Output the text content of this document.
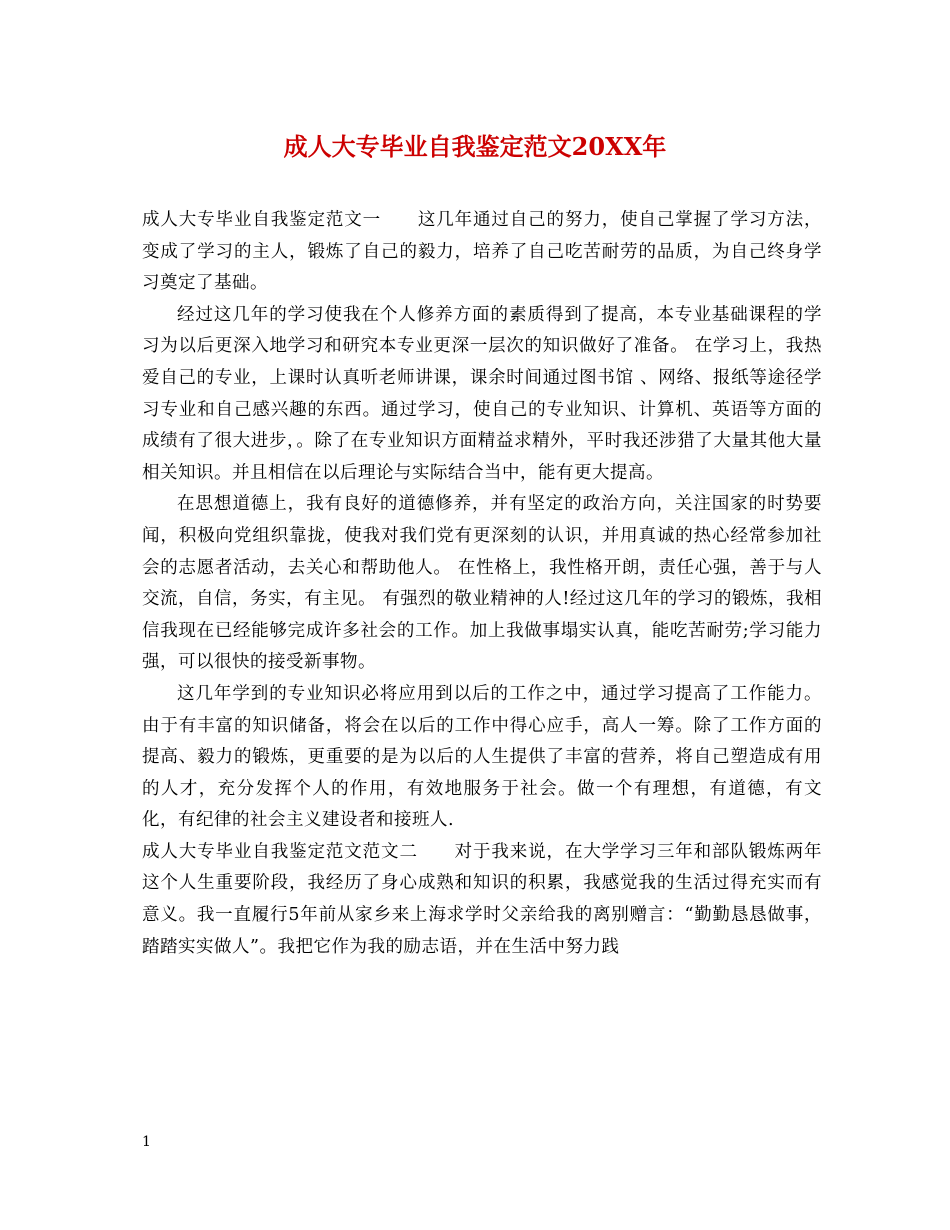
成人大专毕业自我鉴定范文20XX年

成人大专毕业自我鉴定范文一　　这几年通过自己的努力，使自己掌握了学习方法，变成了学习的主人，锻炼了自己的毅力，培养了自己吃苦耐劳的品质，为自己终身学习奠定了基础。

经过这几年的学习使我在个人修养方面的素质得到了提高，本专业基础课程的学习为以后更深入地学习和研究本专业更深一层次的知识做好了准备。 在学习上，我热爱自己的专业，上课时认真听老师讲课，课余时间通过图书馆 、网络、报纸等途径学习专业和自己感兴趣的东西。通过学习，使自己的专业知识、计算机、英语等方面的成绩有了很大进步，。除了在专业知识方面精益求精外，平时我还涉猎了大量其他大量相关知识。并且相信在以后理论与实际结合当中，能有更大提高。

在思想道德上，我有良好的道德修养，并有坚定的政治方向，关注国家的时势要闻，积极向党组织靠拢，使我对我们党有更深刻的认识，并用真诚的热心经常参加社会的志愿者活动，去关心和帮助他人。 在性格上，我性格开朗，责任心强，善于与人交流，自信，务实，有主见。 有强烈的敬业精神的人!经过这几年的学习的锻炼，我相信我现在已经能够完成许多社会的工作。加上我做事塌实认真，能吃苦耐劳;学习能力强，可以很快的接受新事物。

这几年学到的专业知识必将应用到以后的工作之中，通过学习提高了工作能力。由于有丰富的知识储备，将会在以后的工作中得心应手，高人一筹。除了工作方面的提高、毅力的锻炼，更重要的是为以后的人生提供了丰富的营养，将自己塑造成有用的人才，充分发挥个人的作用，有效地服务于社会。做一个有理想，有道德，有文化，有纪律的社会主义建设者和接班人.

成人大专毕业自我鉴定范文范文二　　对于我来说，在大学学习三年和部队锻炼两年这个人生重要阶段，我经历了身心成熟和知识的积累，我感觉我的生活过得充实而有意义。我一直履行5年前从家乡来上海求学时父亲给我的离别赠言：“勤勤恳恳做事，踏踏实实做人”。我把它作为我的励志语，并在生活中努力践

1
